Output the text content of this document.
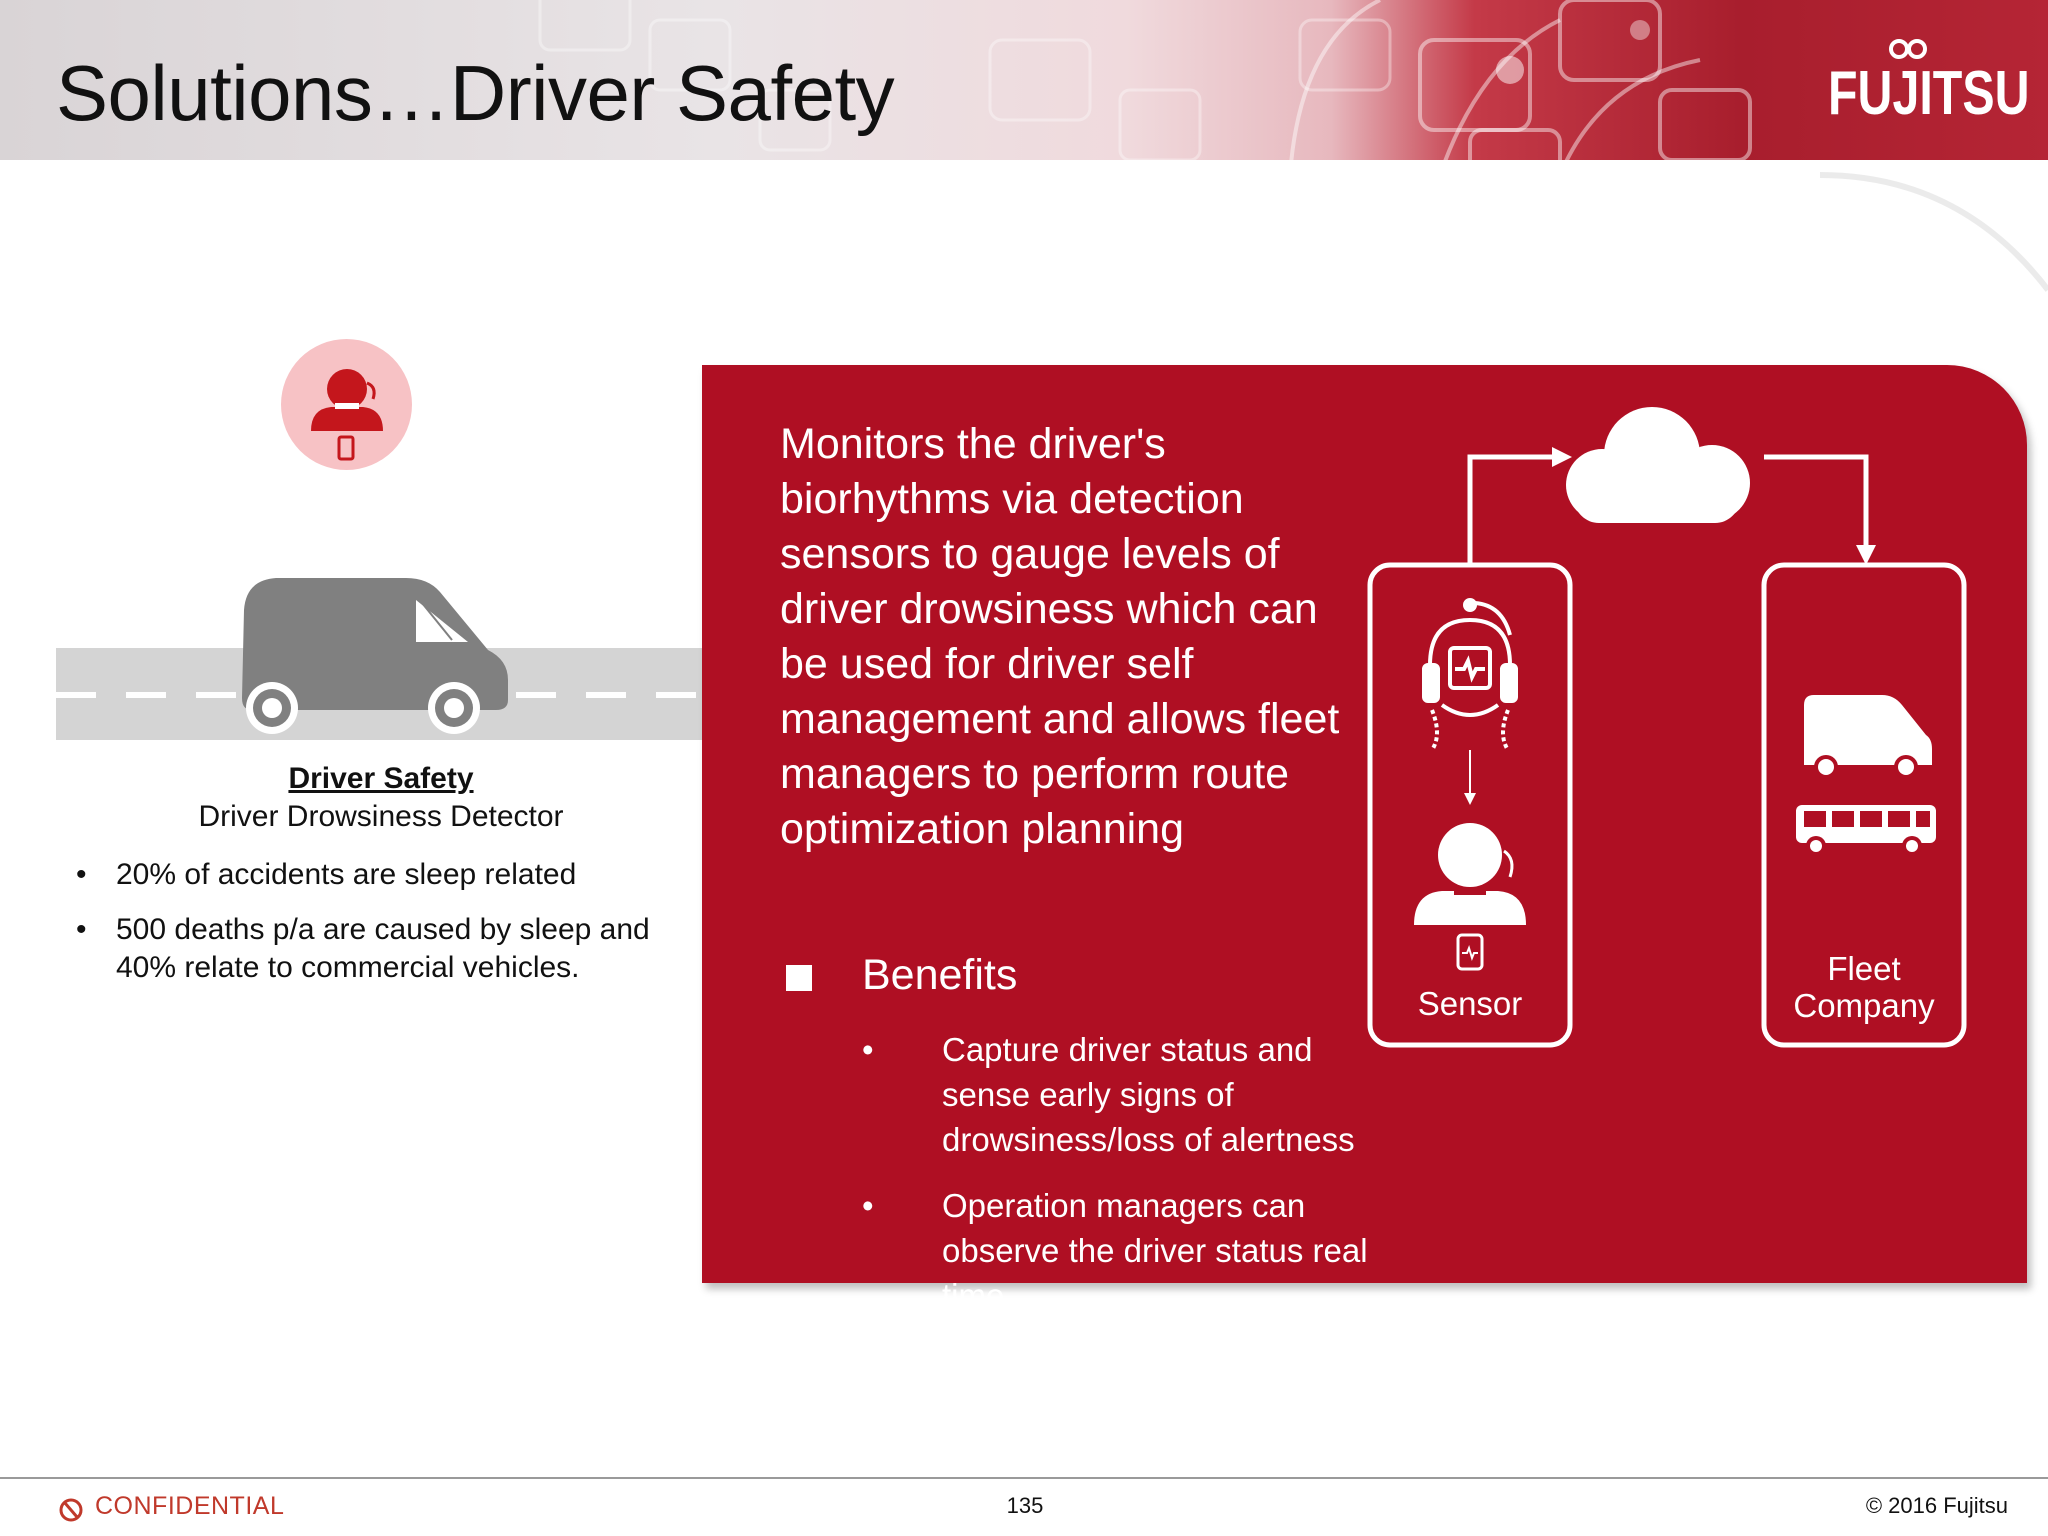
Solutions…Driver Safety	FUJITSU
Driver Safety
Driver Drowsiness Detector
• 20% of accidents are sleep related
• 500 deaths p/a are caused by sleep and 40% relate to commercial vehicles.

Monitors the driver's
biorhythms via detection
sensors to gauge levels of
driver drowsiness which can
be used for driver self
management and allows fleet
managers to perform route
optimization planning

Benefits
• Capture driver status and sense early signs of drowsiness/loss of alertness
• Operation managers can observe the driver status real time
Sensor
Fleet
Company
CONFIDENTIAL	135	© 2016 Fujitsu
